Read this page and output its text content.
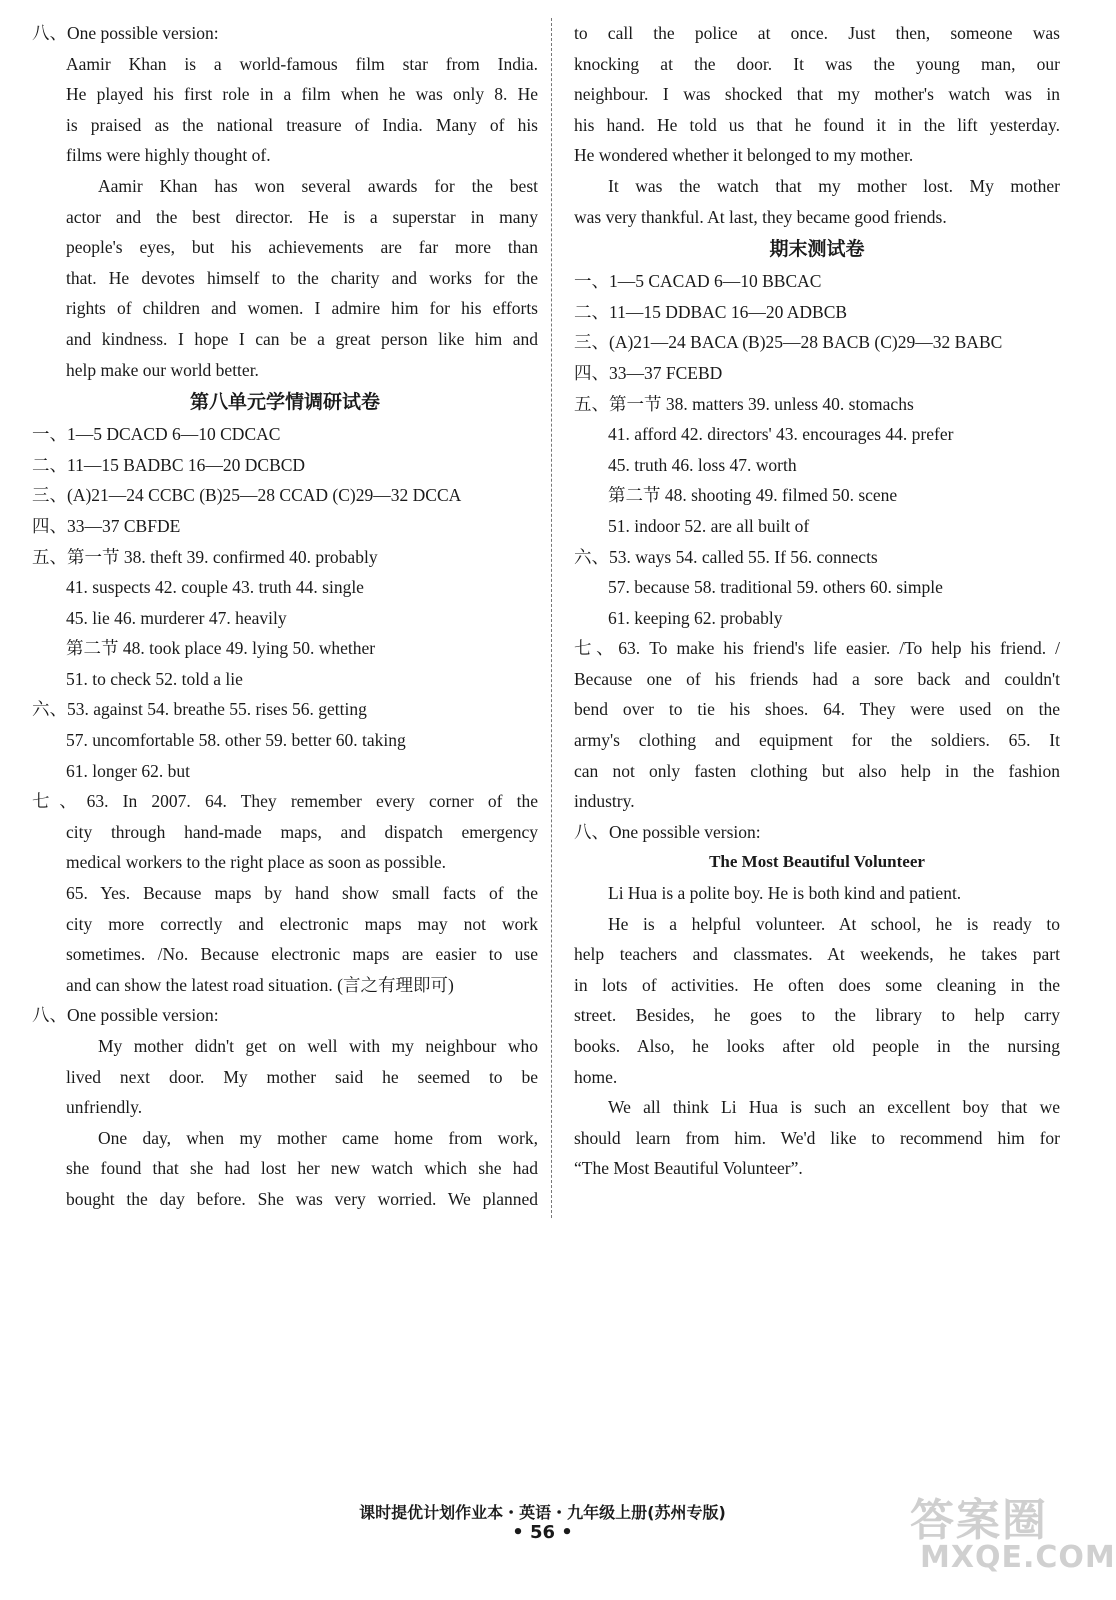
八、One possible version:
Aamir Khan is a world-famous film star from India.
He played his first role in a film when he was only 8. He
is praised as the national treasure of India. Many of his
films were highly thought of.
Aamir Khan has won several awards for the best
actor and the best director. He is a superstar in many
people's eyes, but his achievements are far more than
that. He devotes himself to the charity and works for the
rights of children and women. I admire him for his efforts
and kindness. I hope I can be a great person like him and
help make our world better.
第八单元学情调研试卷
一、1—5 DCACD 6—10 CDCAC
二、11—15 BADBC 16—20 DCBCD
三、(A)21—24 CCBC (B)25—28 CCAD (C)29—32 DCCA
四、33—37 CBFDE
五、第一节 38. theft 39. confirmed 40. probably
41. suspects 42. couple 43. truth 44. single
45. lie 46. murderer 47. heavily
第二节 48. took place 49. lying 50. whether
51. to check 52. told a lie
六、53. against 54. breathe 55. rises 56. getting
57. uncomfortable 58. other 59. better 60. taking
61. longer 62. but
七、63. In 2007. 64. They remember every corner of the
city through hand-made maps, and dispatch emergency
medical workers to the right place as soon as possible.
65. Yes. Because maps by hand show small facts of the
city more correctly and electronic maps may not work
sometimes. /No. Because electronic maps are easier to use
and can show the latest road situation. (言之有理即可)
八、One possible version:
My mother didn't get on well with my neighbour who
lived next door. My mother said he seemed to be
unfriendly.
One day, when my mother came home from work,
she found that she had lost her new watch which she had
bought the day before. She was very worried. We planned
to call the police at once. Just then, someone was
knocking at the door. It was the young man, our
neighbour. I was shocked that my mother's watch was in
his hand. He told us that he found it in the lift yesterday.
He wondered whether it belonged to my mother.
It was the watch that my mother lost. My mother
was very thankful. At last, they became good friends.
期末测试卷
一、1—5 CACAD 6—10 BBCAC
二、11—15 DDBAC 16—20 ADBCB
三、(A)21—24 BACA (B)25—28 BACB (C)29—32 BABC
四、33—37 FCEBD
五、第一节 38. matters 39. unless 40. stomachs
41. afford 42. directors' 43. encourages 44. prefer
45. truth 46. loss 47. worth
第二节 48. shooting 49. filmed 50. scene
51. indoor 52. are all built of
六、53. ways 54. called 55. If 56. connects
57. because 58. traditional 59. others 60. simple
61. keeping 62. probably
七、63. To make his friend's life easier. /To help his friend. /
Because one of his friends had a sore back and couldn't
bend over to tie his shoes. 64. They were used on the
army's clothing and equipment for the soldiers. 65. It
can not only fasten clothing but also help in the fashion
industry.
八、One possible version:
The Most Beautiful Volunteer
Li Hua is a polite boy. He is both kind and patient.
He is a helpful volunteer. At school, he is ready to
help teachers and classmates. At weekends, he takes part
in lots of activities. He often does some cleaning in the
street. Besides, he goes to the library to help carry
books. Also, he looks after old people in the nursing
home.
We all think Li Hua is such an excellent boy that we
should learn from him. We'd like to recommend him for
“The Most Beautiful Volunteer”.
课时提优计划作业本・英语・九年级上册(苏州专版)
• 56 •	答案圈
MXQE.COM
